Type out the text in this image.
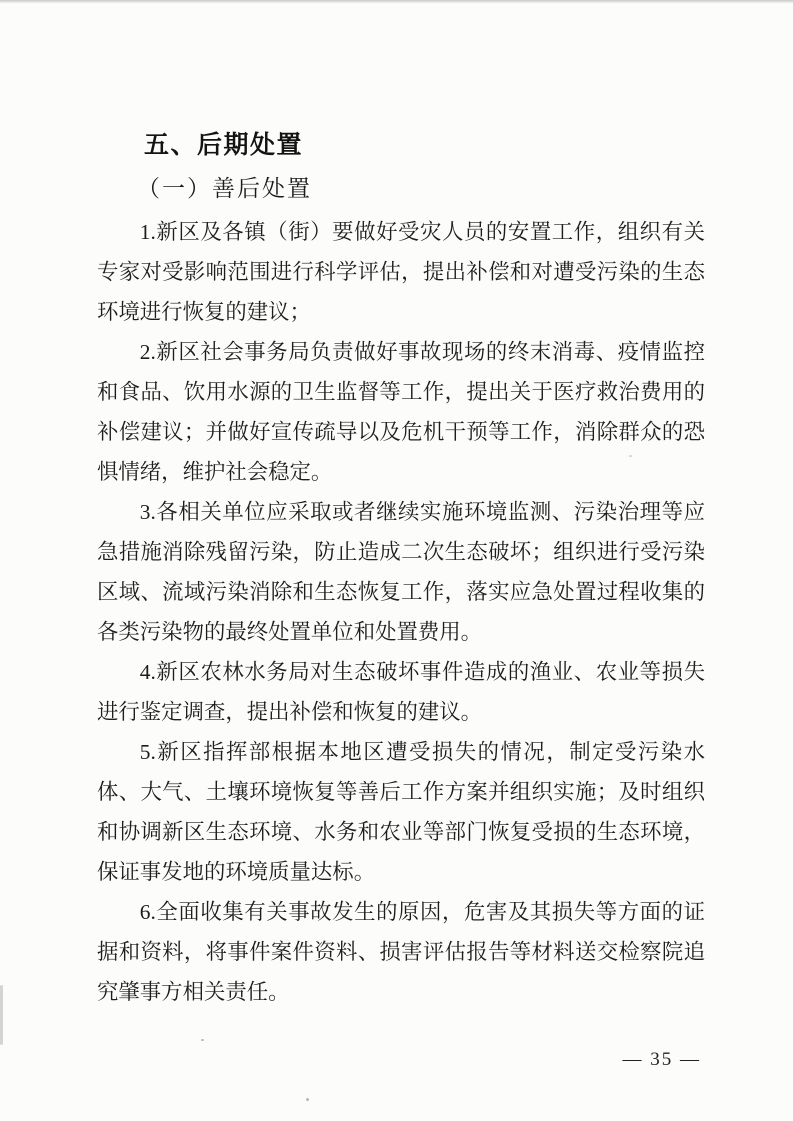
五、后期处置
（一）善后处置

1.新区及各镇（街）要做好受灾人员的安置工作，组织有关专家对受影响范围进行科学评估，提出补偿和对遭受污染的生态环境进行恢复的建议；

2.新区社会事务局负责做好事故现场的终末消毒、疫情监控和食品、饮用水源的卫生监督等工作，提出关于医疗救治费用的补偿建议；并做好宣传疏导以及危机干预等工作，消除群众的恐惧情绪，维护社会稳定。

3.各相关单位应采取或者继续实施环境监测、污染治理等应急措施消除残留污染，防止造成二次生态破坏；组织进行受污染区域、流域污染消除和生态恢复工作，落实应急处置过程收集的各类污染物的最终处置单位和处置费用。

4.新区农林水务局对生态破坏事件造成的渔业、农业等损失进行鉴定调查，提出补偿和恢复的建议。

5.新区指挥部根据本地区遭受损失的情况，制定受污染水体、大气、土壤环境恢复等善后工作方案并组织实施；及时组织和协调新区生态环境、水务和农业等部门恢复受损的生态环境，保证事发地的环境质量达标。

6.全面收集有关事故发生的原因，危害及其损失等方面的证据和资料，将事件案件资料、损害评估报告等材料送交检察院追究肇事方相关责任。

— 35 —
